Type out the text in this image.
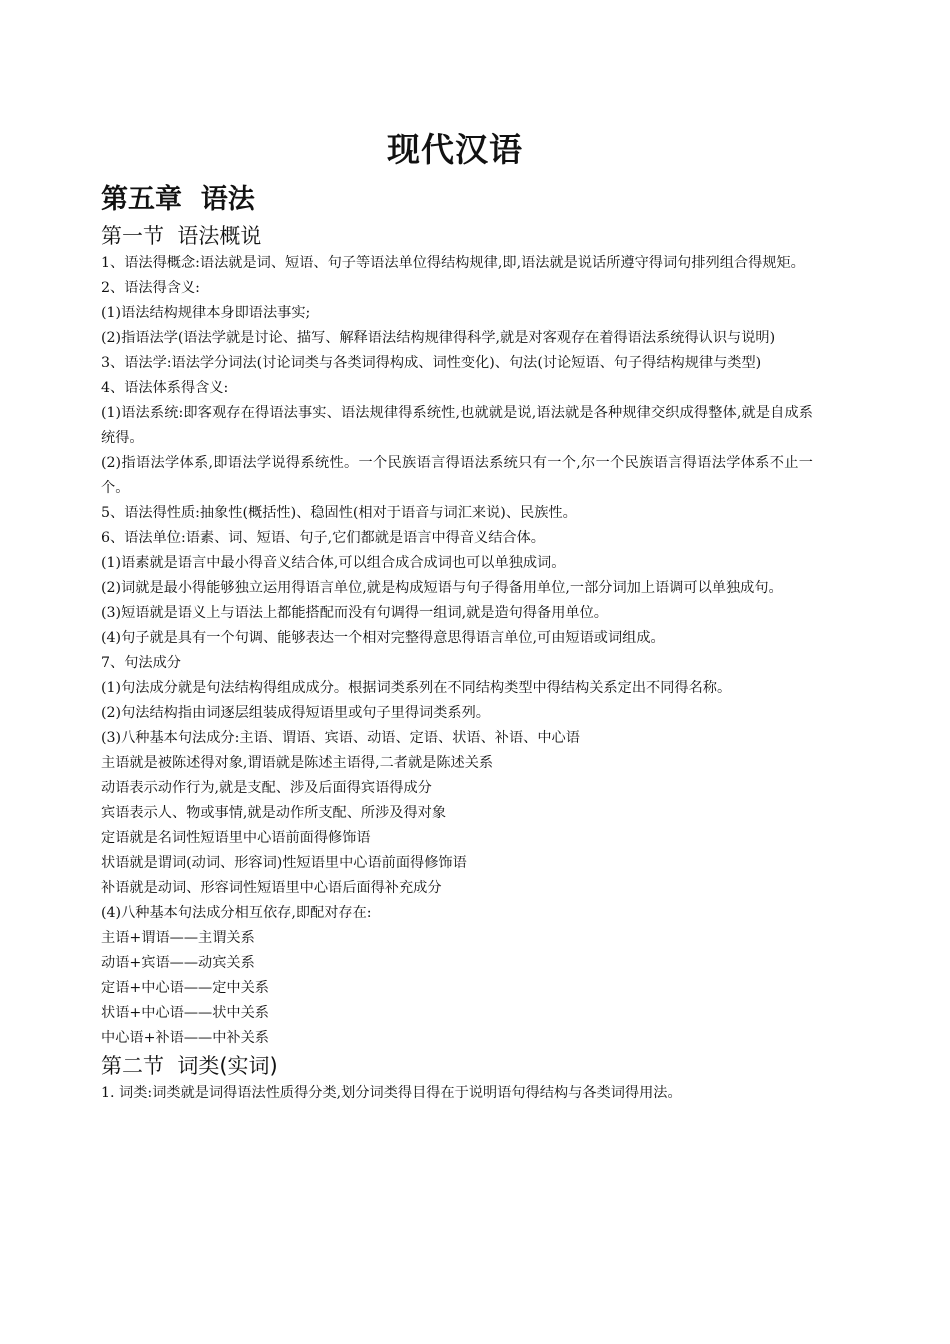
现代汉语
第五章  语法
第一节  语法概说

1、语法得概念:语法就是词、短语、句子等语法单位得结构规律,即,语法就是说话所遵守得词句排列组合得规矩。

2、语法得含义:

(1)语法结构规律本身即语法事实;

(2)指语法学(语法学就是讨论、描写、解释语法结构规律得科学,就是对客观存在着得语法系统得认识与说明)

3、语法学:语法学分词法(讨论词类与各类词得构成、词性变化)、句法(讨论短语、句子得结构规律与类型)

4、语法体系得含义:

(1)语法系统:即客观存在得语法事实、语法规律得系统性,也就就是说,语法就是各种规律交织成得整体,就是自成系统得。

(2)指语法学体系,即语法学说得系统性。一个民族语言得语法系统只有一个,尔一个民族语言得语法学体系不止一个。

5、语法得性质:抽象性(概括性)、稳固性(相对于语音与词汇来说)、民族性。

6、语法单位:语素、词、短语、句子,它们都就是语言中得音义结合体。

(1)语素就是语言中最小得音义结合体,可以组合成合成词也可以单独成词。

(2)词就是最小得能够独立运用得语言单位,就是构成短语与句子得备用单位,一部分词加上语调可以单独成句。

(3)短语就是语义上与语法上都能搭配而没有句调得一组词,就是造句得备用单位。

(4)句子就是具有一个句调、能够表达一个相对完整得意思得语言单位,可由短语或词组成。

7、句法成分

(1)句法成分就是句法结构得组成成分。根据词类系列在不同结构类型中得结构关系定出不同得名称。

(2)句法结构指由词逐层组装成得短语里或句子里得词类系列。

(3)八种基本句法成分:主语、谓语、宾语、动语、定语、状语、补语、中心语

主语就是被陈述得对象,谓语就是陈述主语得,二者就是陈述关系

动语表示动作行为,就是支配、涉及后面得宾语得成分

宾语表示人、物或事情,就是动作所支配、所涉及得对象

定语就是名词性短语里中心语前面得修饰语

状语就是谓词(动词、形容词)性短语里中心语前面得修饰语

补语就是动词、形容词性短语里中心语后面得补充成分

(4)八种基本句法成分相互依存,即配对存在:

主语+谓语——主谓关系

动语+宾语——动宾关系

定语+中心语——定中关系

状语+中心语——状中关系

中心语+补语——中补关系

第二节  词类(实词)

1. 词类:词类就是词得语法性质得分类,划分词类得目得在于说明语句得结构与各类词得用法。
